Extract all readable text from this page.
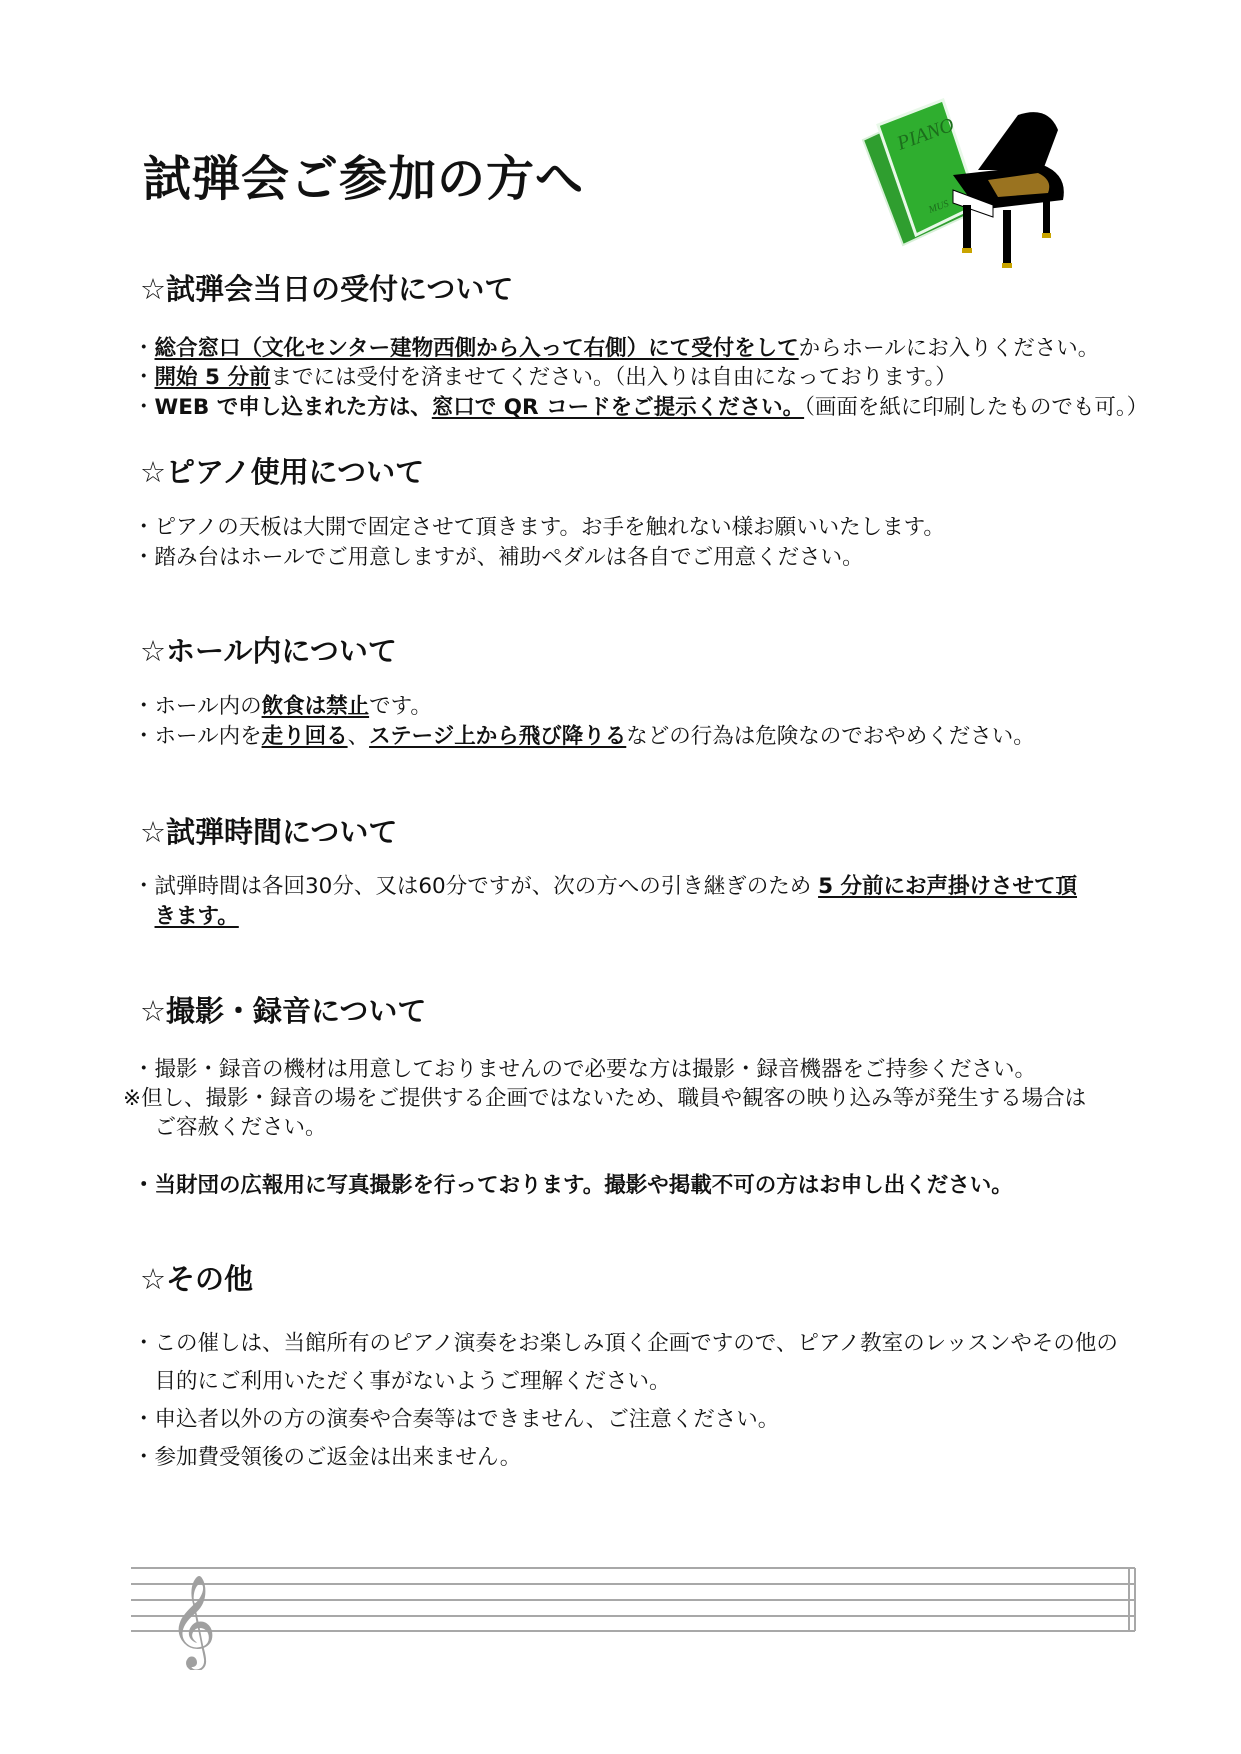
試弾会ご参加の方へ
PIANO
MUS
☆試弾会当日の受付について
・総合窓口（文化センター建物西側から入って右側）にて受付をしてからホールにお入りください。
・開始 5 分前までには受付を済ませてください。（出入りは自由になっております。）
・WEB で申し込まれた方は、窓口で QR コードをご提示ください。（画面を紙に印刷したものでも可。）
☆ピアノ使用について
・ピアノの天板は大開で固定させて頂きます。お手を触れない様お願いいたします。
・踏み台はホールでご用意しますが、補助ペダルは各自でご用意ください。
☆ホール内について
・ホール内の飲食は禁止です。
・ホール内を走り回る、ステージ上から飛び降りるなどの行為は危険なのでおやめください。
☆試弾時間について
・試弾時間は各回30分、又は60分ですが、次の方への引き継ぎのため 5 分前にお声掛けさせて頂
　きます。
☆撮影・録音について
・撮影・録音の機材は用意しておりませんので必要な方は撮影・録音機器をご持参ください。
※但し、撮影・録音の場をご提供する企画ではないため、職員や観客の映り込み等が発生する場合は
　ご容赦ください。
・当財団の広報用に写真撮影を行っております。撮影や掲載不可の方はお申し出ください。
☆その他
・この催しは、当館所有のピアノ演奏をお楽しみ頂く企画ですので、ピアノ教室のレッスンやその他の
　目的にご利用いただく事がないようご理解ください。
・申込者以外の方の演奏や合奏等はできません、ご注意ください。
・参加費受領後のご返金は出来ません。
𝄞
